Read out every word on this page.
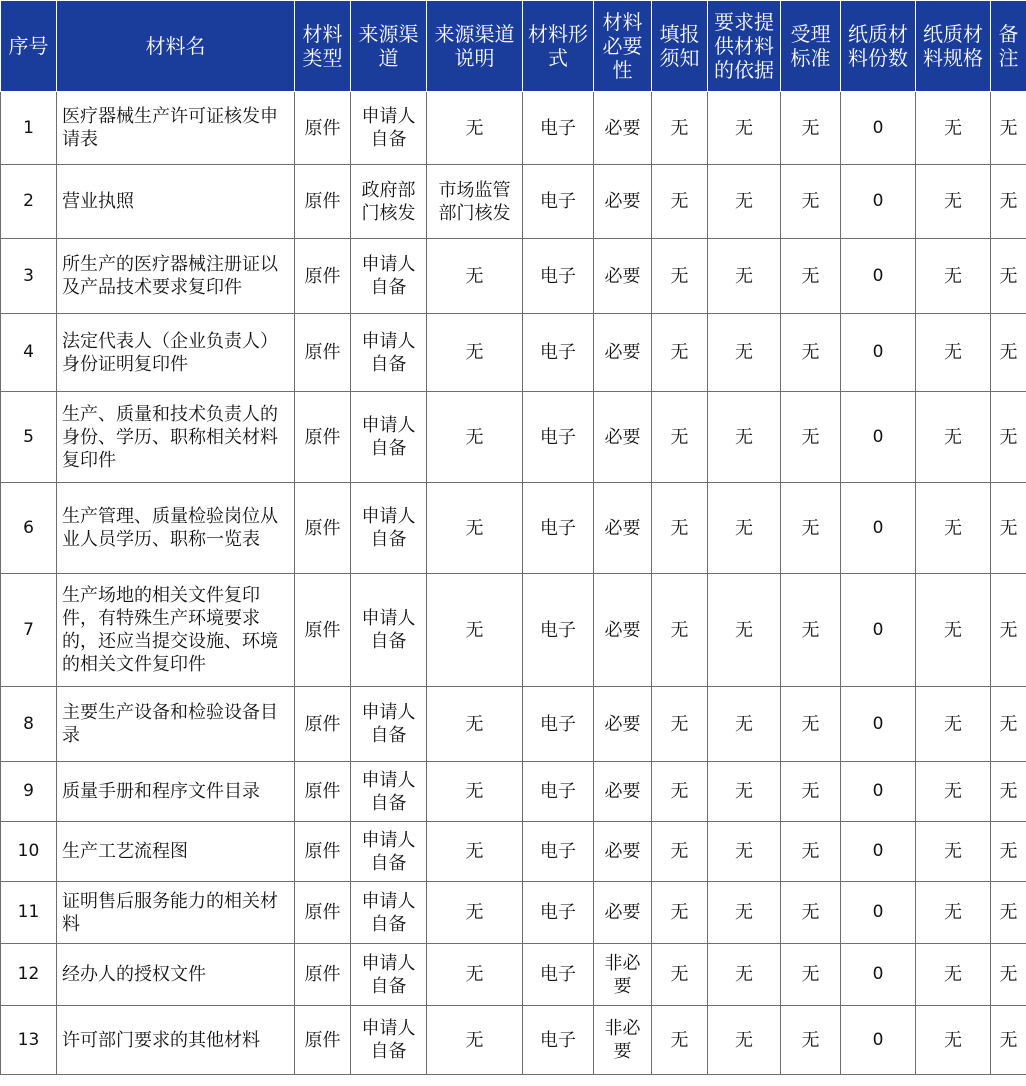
序号	材料名	材料类型	来源渠道	来源渠道说明	材料形式	材料必要性	填报须知	要求提供材料的依据	受理标准	纸质材料份数	纸质材料规格	备注
1	医疗器械生产许可证核发申请表	原件	申请人自备	无	电子	必要	无	无	无	0	无	无
2	营业执照	原件	政府部门核发	市场监管部门核发	电子	必要	无	无	无	0	无	无
3	所生产的医疗器械注册证以及产品技术要求复印件	原件	申请人自备	无	电子	必要	无	无	无	0	无	无
4	法定代表人（企业负责人）身份证明复印件	原件	申请人自备	无	电子	必要	无	无	无	0	无	无
5	生产、质量和技术负责人的身份、学历、职称相关材料复印件	原件	申请人自备	无	电子	必要	无	无	无	0	无	无
6	生产管理、质量检验岗位从业人员学历、职称一览表	原件	申请人自备	无	电子	必要	无	无	无	0	无	无
7	生产场地的相关文件复印件，有特殊生产环境要求的，还应当提交设施、环境的相关文件复印件	原件	申请人自备	无	电子	必要	无	无	无	0	无	无
8	主要生产设备和检验设备目录	原件	申请人自备	无	电子	必要	无	无	无	0	无	无
9	质量手册和程序文件目录	原件	申请人自备	无	电子	必要	无	无	无	0	无	无
10	生产工艺流程图	原件	申请人自备	无	电子	必要	无	无	无	0	无	无
11	证明售后服务能力的相关材料	原件	申请人自备	无	电子	必要	无	无	无	0	无	无
12	经办人的授权文件	原件	申请人自备	无	电子	非必要	无	无	无	0	无	无
13	许可部门要求的其他材料	原件	申请人自备	无	电子	非必要	无	无	无	0	无	无
